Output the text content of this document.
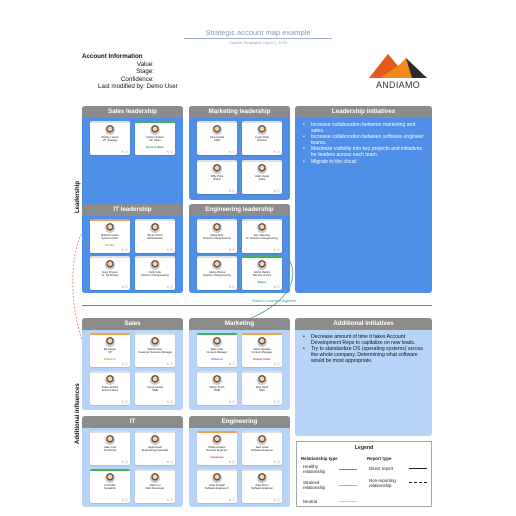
Strategic account map example
System Templates | April 2, 2025
Account Information
Value:
Stage:
Confidence:
Last modified by: Demo User	ANDIAMO
Leadership
Additional influences
Want to connect together
Sales leadership
Shelby Lorenz
VP, Strategy
✎ ⓘ
Colton Hudson
VP, Sales
Decision Maker
✎ ⓘ
Marketing leadership
Gina Garcia
CMO
✎ ⓘ
Logan Park
Director
✎ ⓘ
Willy Price
Brand
✎ ⓘ
Aliah Gupta
Video
✎ ⓘ
IT leadership
Marissa Cortez
Systems Arch.
Blocker
✎ ⓘ
Bryan Smith
Administrator
✎ ⓘ
Gary Kramer
Sr. Technician
✎ ⓘ
Kelly Cole
Director of Engineering
✎ ⓘ
Engineering leadership
Maria Ruiz
Director of Engineering
✎ ⓘ
Eric Talentine
Sr. Director of Engineering
✎ ⓘ
Carlos Rivera
Director of Engineering
✎ ⓘ
Jethro Rankin
Director of Ops
Mapper
✎ ⓘ
Sales
Eli Jaeger
VP
Influencer
✎ ⓘ
Marlon Grey
Customer Success Manager
✎ ⓘ
Kylee Jenkins
Account Exec
✎ ⓘ
Sunny Hewitt
SDR
✎ ⓘ
Marketing
Elise Cole
Content Manager
Influencer
✎ ⓘ
Alexis Morales
Content Manager
Budget Holder
✎ ⓘ
Darby Smith
PMM
✎ ⓘ
Nina Shah
SEO
✎ ⓘ
IT
Jake Cole
Technician
✎ ⓘ
Kayla Paulo
Engineering Associate
✎ ⓘ
Ira Noble
Sysadmin
✎ ⓘ
Albert Lu
Web Developer
✎ ⓘ
Engineering
Paola Luciano
Security Engineer
Gatekeeper
✎ ⓘ
Sam Lowe
Software Engineer
✎ ⓘ
Nate Kimball
Software Engineer II
✎ ⓘ
Zoey Dunn
Software Engineer
✎ ⓘ
Leadership initiatives
• Increase collaboration between marketing and sales.
• Increase collaboration between software engineer teams.
• Maximize visibility into key projects and initiatives for leaders across each team.
• Migrate to the cloud.
Additional initiatives
• Decrease amount of time it takes Account Development Reps to capitalize on new leads.
• Try to standardize OS (operating systems) across the whole company. Determining what software would be most appropriate.
Legend
Relationship type	Report type
Healthy relationship
Strained relationship
Neutral
Direct report
Non-reporting relationship
